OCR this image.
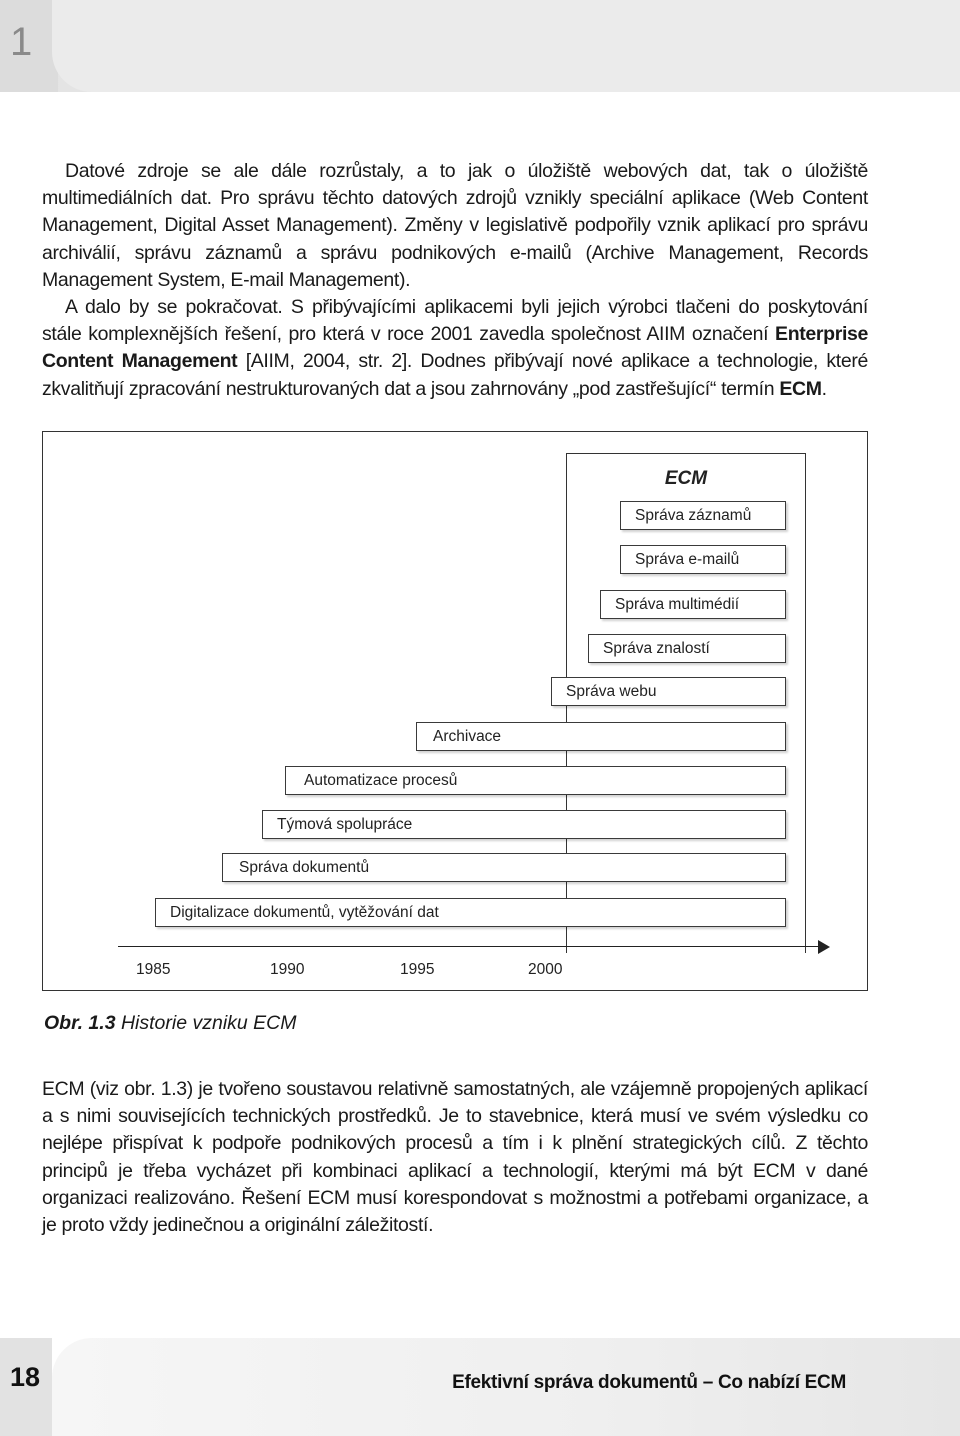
1

Datové zdroje se ale dále rozrůstaly, a to jak o úložiště webových dat, tak o úložiště multimediálních dat. Pro správu těchto datových zdrojů vznikly speciální aplikace (Web Content Management, Digital Asset Management). Změny v legislativě podpořily vznik aplikací pro správu archiválií, správu záznamů a správu podnikových e-mailů (Archive Management, Records Management System, E-mail Management).

A dalo by se pokračovat. S přibývajícími aplikacemi byli jejich výrobci tlačeni do poskytování stále komplexnějších řešení, pro která v roce 2001 zavedla společnost AIIM označení Enterprise Content Management [AIIM, 2004, str. 2]. Dodnes přibývají nové aplikace a technologie, které zkvalitňují zpracování nestrukturovaných dat a jsou zahrnovány „pod zastřešující“ termín ECM.

ECM
Správa záznamů
Správa e-mailů
Správa multimédií
Správa znalostí
Správa webu
Archivace
Automatizace procesů
Týmová spolupráce
Správa dokumentů
Digitalizace dokumentů, vytěžování dat
1985	1990	1995	2000
Obr. 1.3 Historie vzniku ECM

ECM (viz obr. 1.3) je tvořeno soustavou relativně samostatných, ale vzájemně propojených aplikací a s nimi souvisejících technických prostředků. Je to stavebnice, která musí ve svém výsledku co nejlépe přispívat k podpoře podnikových procesů a tím i k plnění strategických cílů. Z těchto principů je třeba vycházet při kombinaci aplikací a technologií, kterými má být ECM v dané organizaci realizováno. Řešení ECM musí korespondovat s možnostmi a potřebami organizace, a je proto vždy jedinečnou a originální záležitostí.

18	Efektivní správa dokumentů – Co nabízí ECM
